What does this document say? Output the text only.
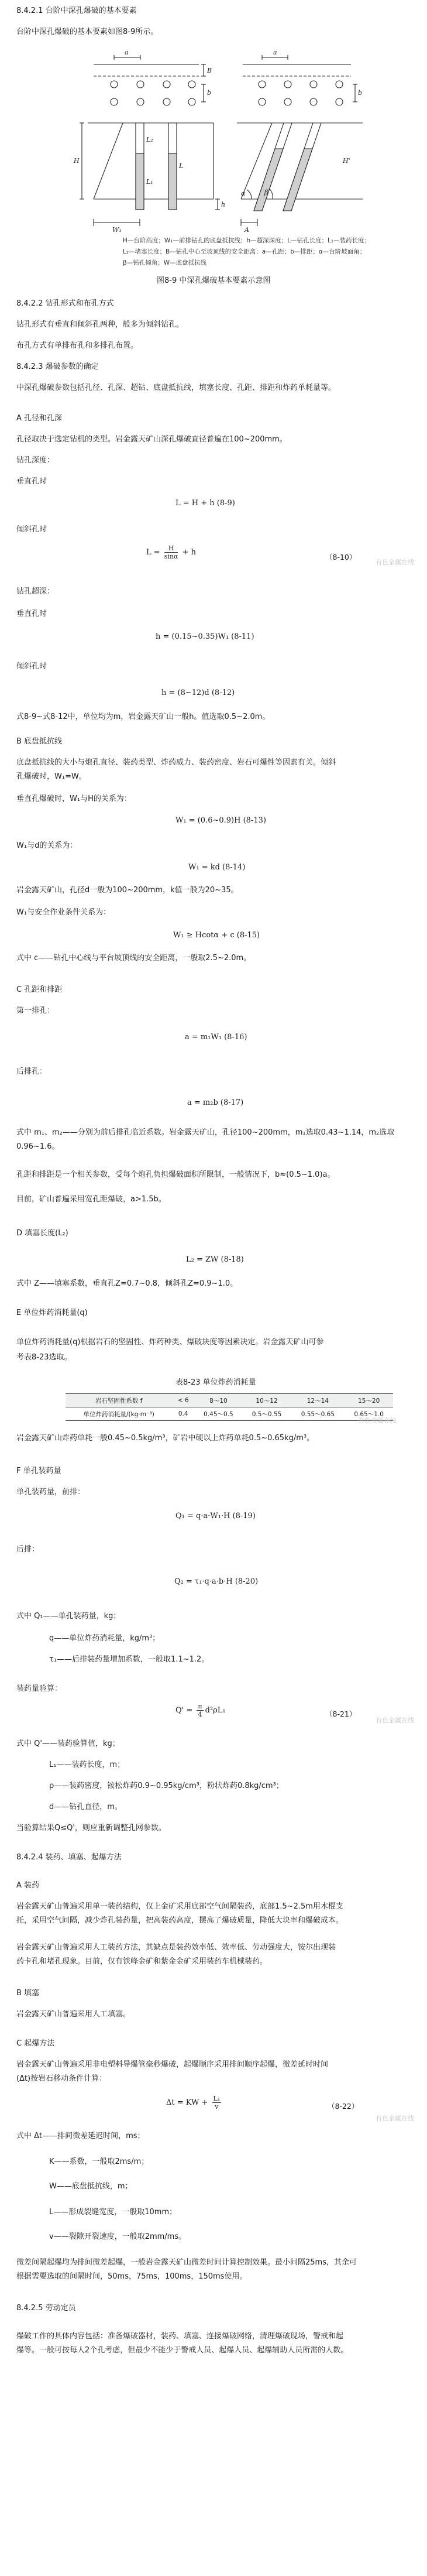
8.4.2.1 台阶中深孔爆破的基本要素
台阶中深孔爆破的基本要素如图8-9所示。
a
b
B
a
b
H
h
L₂
L₁
L
W₁
α	β
A
H'
H—台阶高度；W₁—前排钻孔的底盘抵抗线；h—超深深度；L—钻孔长度；L₁—装药长度；
L₂—堵塞长度；B—钻孔中心至坡顶线的安全距离；a—孔距；b—排距；α—台阶坡面角；
β—钻孔倾角；W—底盘抵抗线
图8-9 中深孔爆破基本要素示意图
8.4.2.2 钻孔形式和布孔方式
钻孔形式有垂直和倾斜孔两种，般多为倾斜钻孔。
布孔方式有单排布孔和多排孔布置。
8.4.2.3 爆破参数的确定
中深孔爆破参数包括孔径、孔深、超钻、底盘抵抗线，填塞长度、孔距、排距和炸药单耗量等。
A 孔径和孔深
孔径取决于选定钻机的类型。岩金露天矿山深孔爆破直径普遍在100~200mm。
钻孔深度：
垂直孔时
L = H + h (8-9)
倾斜孔时
$L = \frac{H}{\sin\alpha} + h$
（8-10）
有色金属在线
钻孔超深：
垂直孔时
h = (0.15~0.35)W₁ (8-11)
倾斜孔时
h = (8~12)d (8-12)
式8-9~式8-12中，单位均为m，岩金露天矿山一般h。值选取0.5~2.0m。
B 底盘抵抗线
底盘抵抗线的大小与炮孔直径、装药类型、炸药威力、装药密度、岩石可爆性等因素有关。倾斜
孔爆破时，W₁=W。
垂直孔爆破时，W₁与H的关系为：
W₁ = (0.6~0.9)H (8-13)
W₁与d的关系为：
W₁ = kd (8-14)
岩金露天矿山，孔径d一般为100~200mm，k值一般为20~35。
W₁与安全作业条件关系为：
W₁ ≥ Hcotα + c (8-15)
式中 c——钻孔中心线与平台坡顶线的安全距离，一般取2.5~2.0m。
C 孔距和排距
第一排孔：
a = m₁W₁ (8-16)
后排孔：
a = m₂b (8-17)
式中 m₁、m₂——分别为前后排孔临近系数。岩金露天矿山，孔径100~200mm，m₁选取0.43~1.14，m₂选取
0.96~1.6。
孔距和排距是一个相关参数，受每个炮孔负担爆破面积所限制，一般情况下，b≈(0.5~1.0)a。
目前，矿山普遍采用宽孔距爆破，a>1.5b。
D 填塞长度(L₂)
L₂ = ZW (8-18)
式中 Z——填塞系数，垂直孔Z=0.7~0.8，倾斜孔Z=0.9~1.0。
E 单位炸药消耗量(q)
单位炸药消耗量(q)根据岩石的坚固性、炸药种类、爆破块度等因素决定。岩金露天矿山可参
考表8-23选取。
表8-23 单位炸药消耗量
岩石坚固性系数 f	< 6	8～10	10～12	12～14	15～20
单位炸药消耗量/(kg·m⁻³)	0.4	0.45～0.5	0.5～0.55	0.55～0.65	0.65～1.0
有色金属在线
岩金露天矿山炸药单耗一般0.45~0.5kg/m³，矿岩中硬以上炸药单耗0.5~0.65kg/m³。
F 单孔装药量
单孔装药量，前排：
Q₁ = q·a·W₁·H (8-19)
后排：
Q₂ = τ₁·q·a·b·H (8-20)
式中 Q₁——单孔装药量，kg；
q——单位炸药消耗量，kg/m³；
τ₁——后排装药量增加系数，一般取1.1~1.2。
装药量验算：
$Q' = \frac{\pi}{4} d^2\rho L_1$	（8-21）
有色金属在线
式中 Q'——装药验算值，kg；
L₁——装药长度，m；
ρ——装药密度，铵松炸药0.9~0.95kg/cm³，粉状炸药0.8kg/cm³；
d——钻孔直径，m。
当验算结果Q≤Q'，则应重新调整孔网参数。
8.4.2.4 装药、填塞、起爆方法
A 装药
岩金露天矿山普遍采用单一装药结构，仅上金矿采用底部空气间隔装药，底部1.5~2.5m用木棍支
托，采用空气间隔，减少炸孔装药量，把高装药高度，摆高了爆破质量，降低大块率和爆破成本。
岩金露天矿山普遍采用人工装药方法，其缺点是装药效率低、效率低、劳动强度大，铵尔出现装
药卡孔和堵孔现象。目前，仅有铁峰金矿和紫金金矿采用装药车机械装药。
B 填塞
岩金露天矿山普遍采用人工填塞。
C 起爆方法
岩金露天矿山普遍采用非电塑料导爆管毫秒爆破，起爆顺序采用排间顺序起爆，微差延时时间
(Δt)按岩石移动条件计算：
Δt = KW + $\frac{\text{L₁}}{v}$	（8-22）
式中 Δt——排间微差延迟时间，ms；
K——系数，一般取2ms/m；
W——底盘抵抗线，m；
L——形成裂缝宽度，一般取10mm；
v——裂隙开裂速度，一般取2mm/ms。
微差间隔起爆均为排间微差起爆，一般岩金露天矿山微差时间计算控制效果。最小间隔25ms，其余可
根据需要选取的间隔时间，50ms，75ms，100ms，150ms使用。
8.4.2.5 劳动定员
爆破工作的具体内容包括：准备爆破器材，装药、填塞、连接爆破网络，清理爆破现场，警戒和起
爆等。一般可按每人2个孔考虑，但最少不能少于警戒人员、起爆人员、起爆辅助人员所需的人数。
有色金属在线
